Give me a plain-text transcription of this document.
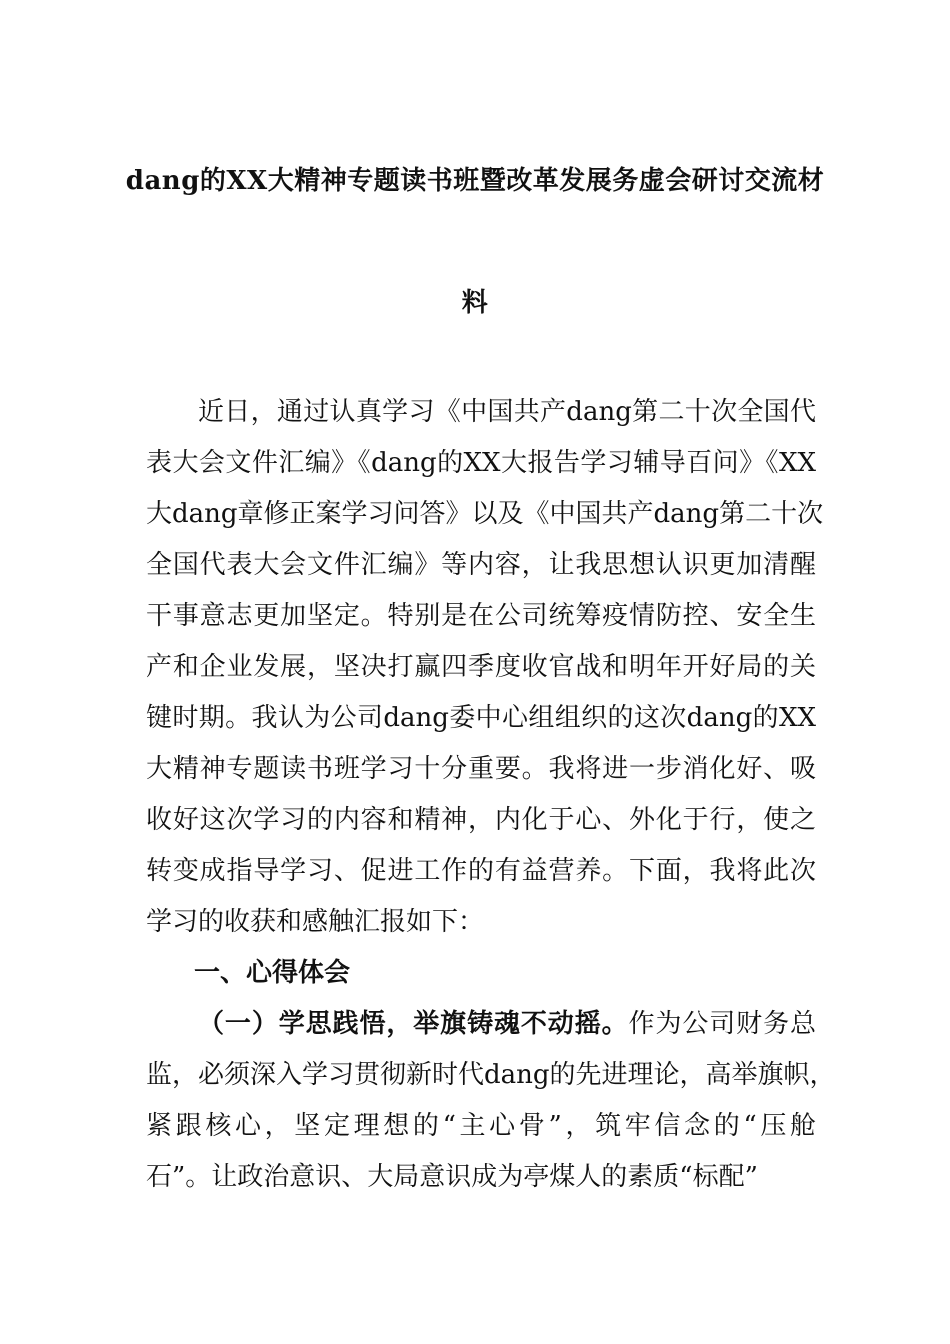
dang的XX大精神专题读书班暨改革发展务虚会研讨交流材
料
近日，通过认真学习《中国共产dang第二十次全国代
表大会文件汇编》《dang的XX大报告学习辅导百问》《XX
大dang章修正案学习问答》以及《中国共产dang第二十次
全国代表大会文件汇编》等内容，让我思想认识更加清醒
干事意志更加坚定。特别是在公司统筹疫情防控、安全生
产和企业发展，坚决打赢四季度收官战和明年开好局的关
键时期。我认为公司dang委中心组组织的这次dang的XX
大精神专题读书班学习十分重要。我将进一步消化好、吸
收好这次学习的内容和精神，内化于心、外化于行，使之
转变成指导学习、促进工作的有益营养。下面，我将此次
学习的收获和感触汇报如下：
一、心得体会
（一）学思践悟，举旗铸魂不动摇。作为公司财务总
监，必须深入学习贯彻新时代dang的先进理论，高举旗帜，
紧跟核心，坚定理想的“主心骨”，筑牢信念的“压舱
石”。让政治意识、大局意识成为亭煤人的素质“标配”
